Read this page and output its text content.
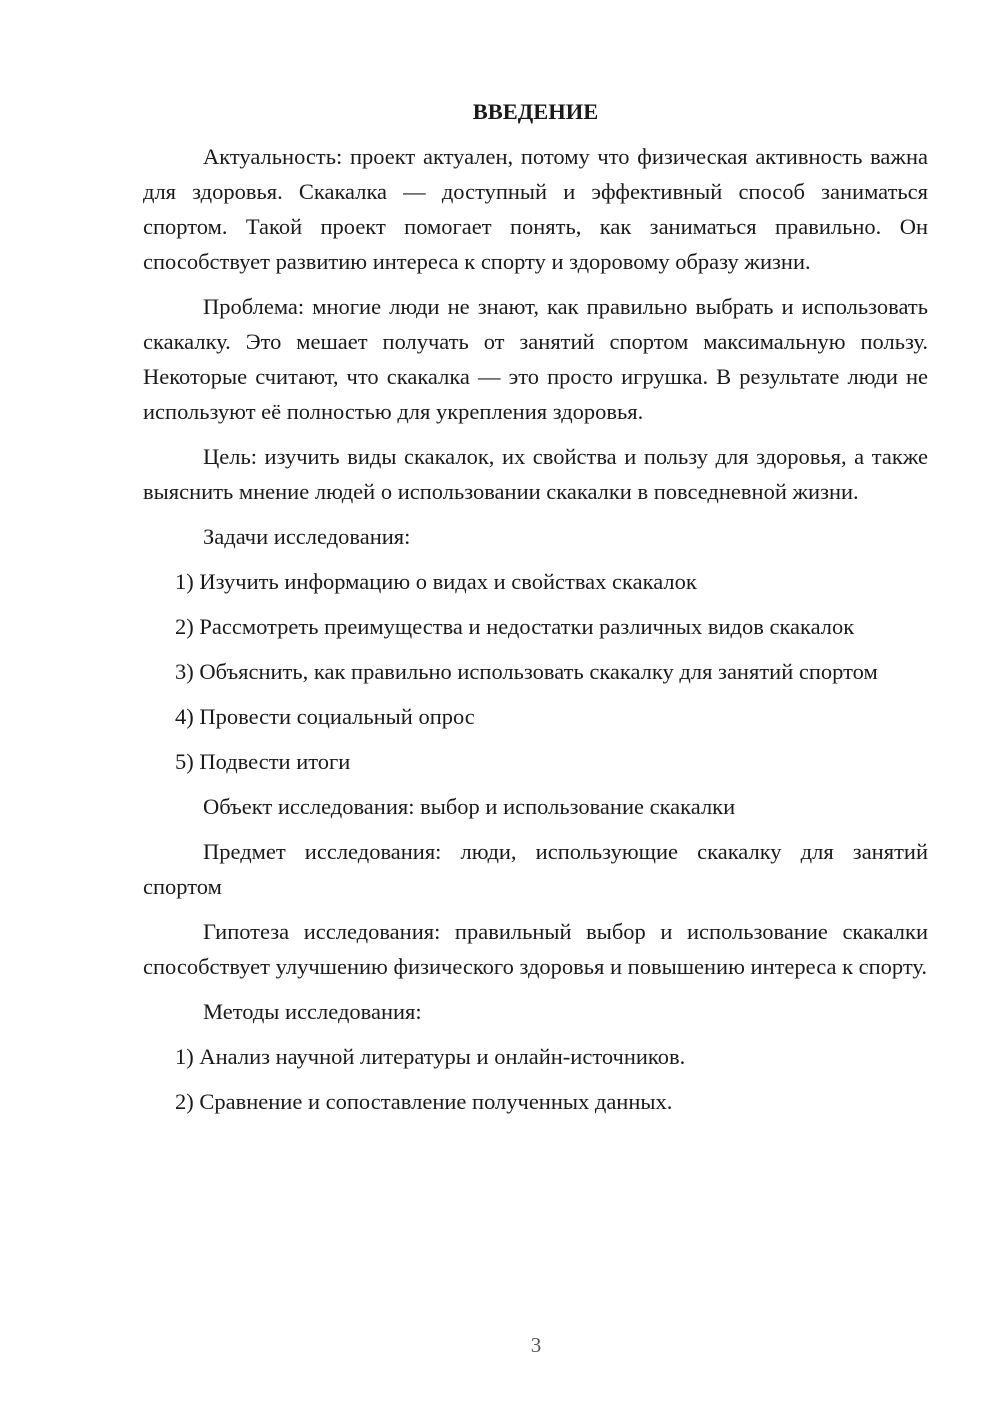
ВВЕДЕНИЕ
Актуальность: проект актуален, потому что физическая активность важна для здоровья. Скакалка — доступный и эффективный способ заниматься спортом. Такой проект помогает понять, как заниматься правильно. Он способствует развитию интереса к спорту и здоровому образу жизни.
Проблема: многие люди не знают, как правильно выбрать и использовать скакалку. Это мешает получать от занятий спортом максимальную пользу. Некоторые считают, что скакалка — это просто игрушка. В результате люди не используют её полностью для укрепления здоровья.
Цель: изучить виды скакалок, их свойства и пользу для здоровья, а также выяснить мнение людей о использовании скакалки в повседневной жизни.
Задачи исследования:
1) Изучить информацию о видах и свойствах скакалок
2) Рассмотреть преимущества и недостатки различных видов скакалок
3) Объяснить, как правильно использовать скакалку для занятий спортом
4) Провести социальный опрос
5) Подвести итоги
Объект исследования: выбор и использование скакалки
Предмет исследования: люди, использующие скакалку для занятий спортом
Гипотеза исследования: правильный выбор и использование скакалки способствует улучшению физического здоровья и повышению интереса к спорту.
Методы исследования:
1) Анализ научной литературы и онлайн-источников.
2) Сравнение и сопоставление полученных данных.
3
